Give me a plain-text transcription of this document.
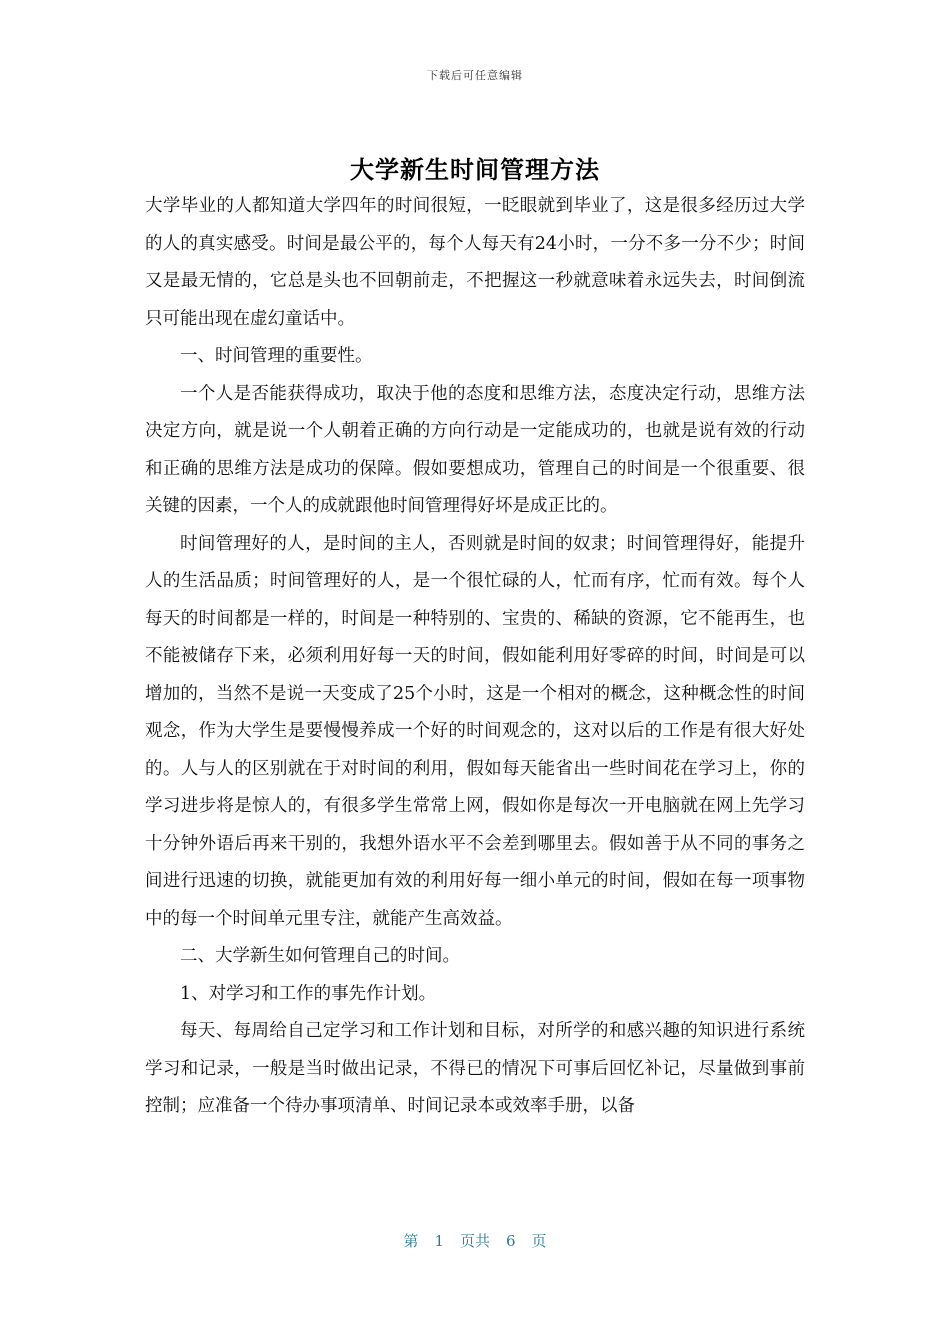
下载后可任意编辑
大学新生时间管理方法

大学毕业的人都知道大学四年的时间很短，一眨眼就到毕业了，这是很多经历过大学的人的真实感受。时间是最公平的，每个人每天有24小时，一分不多一分不少；时间又是最无情的，它总是头也不回朝前走，不把握这一秒就意味着永远失去，时间倒流只可能出现在虚幻童话中。

一、时间管理的重要性。

一个人是否能获得成功，取决于他的态度和思维方法，态度决定行动，思维方法决定方向，就是说一个人朝着正确的方向行动是一定能成功的，也就是说有效的行动和正确的思维方法是成功的保障。假如要想成功，管理自己的时间是一个很重要、很关键的因素，一个人的成就跟他时间管理得好坏是成正比的。

时间管理好的人，是时间的主人，否则就是时间的奴隶；时间管理得好，能提升人的生活品质；时间管理好的人，是一个很忙碌的人，忙而有序，忙而有效。每个人每天的时间都是一样的，时间是一种特别的、宝贵的、稀缺的资源，它不能再生，也不能被储存下来，必须利用好每一天的时间，假如能利用好零碎的时间，时间是可以增加的，当然不是说一天变成了25个小时，这是一个相对的概念，这种概念性的时间观念，作为大学生是要慢慢养成一个好的时间观念的，这对以后的工作是有很大好处的。人与人的区别就在于对时间的利用，假如每天能省出一些时间花在学习上，你的学习进步将是惊人的，有很多学生常常上网，假如你是每次一开电脑就在网上先学习十分钟外语后再来干别的，我想外语水平不会差到哪里去。假如善于从不同的事务之间进行迅速的切换，就能更加有效的利用好每一细小单元的时间，假如在每一项事物中的每一个时间单元里专注，就能产生高效益。

二、大学新生如何管理自己的时间。

1、对学习和工作的事先作计划。

每天、每周给自己定学习和工作计划和目标，对所学的和感兴趣的知识进行系统学习和记录，一般是当时做出记录，不得已的情况下可事后回忆补记，尽量做到事前控制；应准备一个待办事项清单、时间记录本或效率手册，以备

第 1 页共 6 页
